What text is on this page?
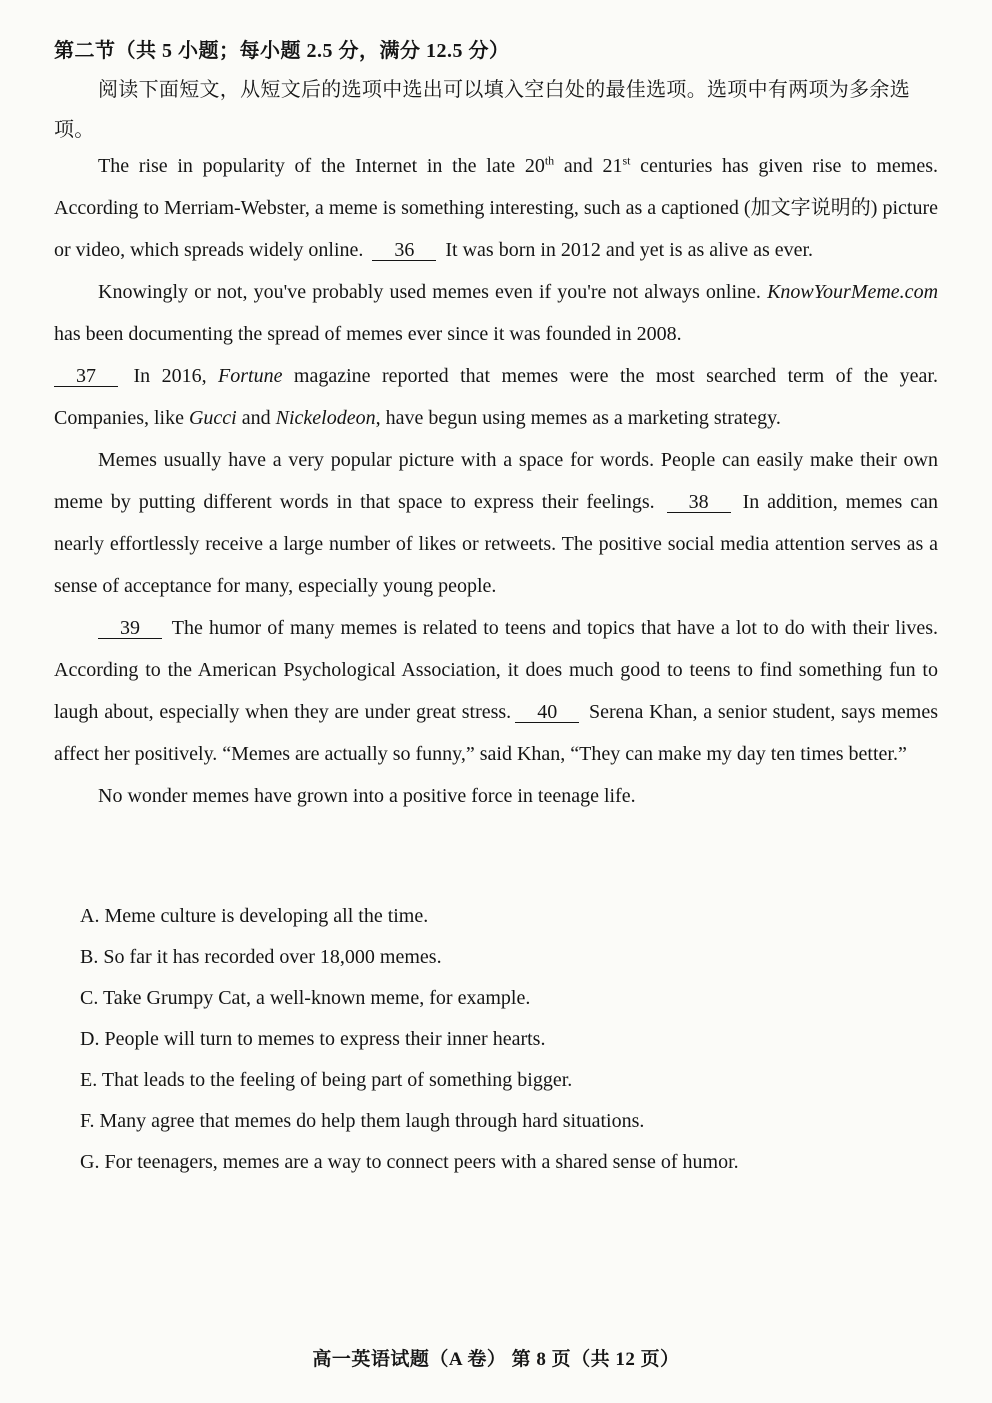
第二节（共 5 小题；每小题 2.5 分，满分 12.5 分）
阅读下面短文，从短文后的选项中选出可以填入空白处的最佳选项。选项中有两项为多余选项。

The rise in popularity of the Internet in the late 20th and 21st centuries has given rise to memes. According to Merriam-Webster, a meme is something interesting, such as a captioned (加文字说明的) picture or video, which spreads widely online. 36 It was born in 2012 and yet is as alive as ever.

Knowingly or not, you've probably used memes even if you're not always online. KnowYourMeme.com has been documenting the spread of memes ever since it was founded in 2008.
37 In 2016, Fortune magazine reported that memes were the most searched term of the year. Companies, like Gucci and Nickelodeon, have begun using memes as a marketing strategy.

Memes usually have a very popular picture with a space for words. People can easily make their own meme by putting different words in that space to express their feelings. 38 In addition, memes can nearly effortlessly receive a large number of likes or retweets. The positive social media attention serves as a sense of acceptance for many, especially young people.

39 The humor of many memes is related to teens and topics that have a lot to do with their lives. According to the American Psychological Association, it does much good to teens to find something fun to laugh about, especially when they are under great stress. 40 Serena Khan, a senior student, says memes affect her positively. “Memes are actually so funny,” said Khan, “They can make my day ten times better.”

No wonder memes have grown into a positive force in teenage life.

A. Meme culture is developing all the time.
B. So far it has recorded over 18,000 memes.
C. Take Grumpy Cat, a well-known meme, for example.
D. People will turn to memes to express their inner hearts.
E. That leads to the feeling of being part of something bigger.
F. Many agree that memes do help them laugh through hard situations.
G. For teenagers, memes are a way to connect peers with a shared sense of humor.
高一英语试题（A 卷） 第 8 页（共 12 页）
